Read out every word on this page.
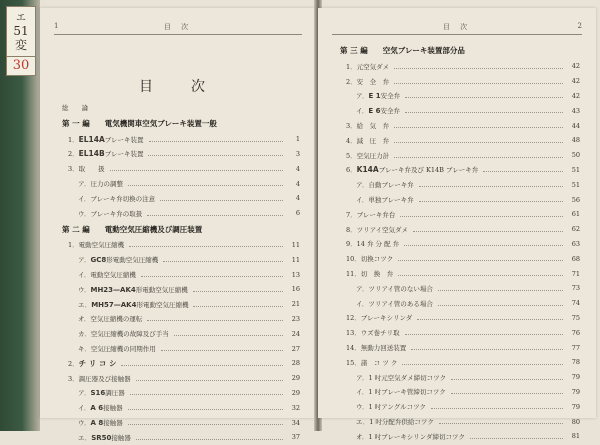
エ
51
変
30
1	目 次
目　次
総　　論
第 一 編　　電気機関車空気ブレーキ装置一般
1．EL14Aブレーキ装置	1
2．EL14Bブレーキ装置	3
3．取　　扱	4
ア．圧力の調整	4
イ．ブレーキ弁切換の注意	4
ウ．ブレーキ弁の取扱	6
第 二 編　　電動空気圧縮機及び調圧装置
1．電動空気圧縮機	11
ア．GC8形電動空気圧縮機	11
イ．電動空気圧縮機	13
ウ．MH23—AK4形電動空気圧縮機	16
エ．MH57—AK4形電動空気圧縮機	21
オ．空気圧縮機の運転	23
カ．空気圧縮機の故障及び手当	24
キ．空気圧縮機の同期作用	27
2．チ リ コ シ	28
3．調圧器及び接触器	29
ア．S16調圧器	29
イ．A 6接触器	32
ウ．A 8接触器	34
エ．SR50接触器	37
目 次	2
第 三 編　　空気ブレーキ装置部分品
1．元空気ダメ	42
2．安　全　弁	42
ア．E 1安全弁	42
イ．E 6安全弁	43
3．給　気　弁	44
4．減　圧　弁	48
5．空気圧力計	50
6．K14Aブレーキ弁及び K14B ブレーキ弁	51
ア．自動ブレーキ弁	51
イ．単独ブレーキ弁	56
7．ブレーキ弁台	61
8．ツリアイ空気ダメ	62
9．14 弁 分 配 弁	63
10．切換コツク	68
11．切　換　弁	71
ア．ツリアイ管のない場合	73
イ．ツリアイ管のある場合	74
12．ブレーキシリンダ	75
13．ウズ巻チリ取	76
14．無動力回送装置	77
15．諸　コ ツ ク	78
ア．1 吋元空気ダメ締切コツク	79
イ．1 吋ブレーキ管締切コツク	79
ウ．1 吋アングルコツク	79
エ．1 吋分配弁供給コツク	80
オ．1 吋ブレーキシリンダ締切コツク	81
